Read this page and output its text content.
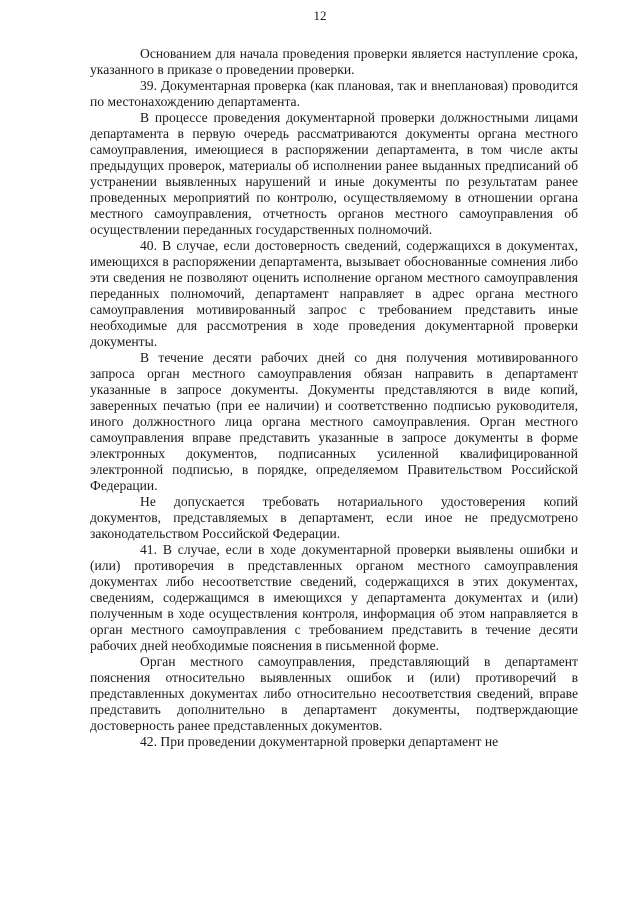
12

Основанием для начала проведения проверки является наступление срока, указанного в приказе о проведении проверки.

39. Документарная проверка (как плановая, так и внеплановая) проводится по местонахождению департамента.

В процессе проведения документарной проверки должностными лицами департамента в первую очередь рассматриваются документы органа местного самоуправления, имеющиеся в распоряжении департамента, в том числе акты предыдущих проверок, материалы об исполнении ранее выданных предписаний об устранении выявленных нарушений и иные документы по результатам ранее проведенных мероприятий по контролю, осуществляемому в отношении органа местного самоуправления, отчетность органов местного самоуправления об осуществлении переданных государственных полномочий.

40. В случае, если достоверность сведений, содержащихся в документах, имеющихся в распоряжении департамента, вызывает обоснованные сомнения либо эти сведения не позволяют оценить исполнение органом местного самоуправления переданных полномочий, департамент направляет в адрес органа местного самоуправления мотивированный запрос с требованием представить иные необходимые для рассмотрения в ходе проведения документарной проверки документы.

В течение десяти рабочих дней со дня получения мотивированного запроса орган местного самоуправления обязан направить в департамент указанные в запросе документы. Документы представляются в виде копий, заверенных печатью (при ее наличии) и соответственно подписью руководителя, иного должностного лица органа местного самоуправления. Орган местного самоуправления вправе представить указанные в запросе документы в форме электронных документов, подписанных усиленной квалифицированной электронной подписью, в порядке, определяемом Правительством Российской Федерации.

Не допускается требовать нотариального удостоверения копий документов, представляемых в департамент, если иное не предусмотрено законодательством Российской Федерации.

41. В случае, если в ходе документарной проверки выявлены ошибки и (или) противоречия в представленных органом местного самоуправления документах либо несоответствие сведений, содержащихся в этих документах, сведениям, содержащимся в имеющихся у департамента документах и (или) полученным в ходе осуществления контроля, информация об этом направляется в орган местного самоуправления с требованием представить в течение десяти рабочих дней необходимые пояснения в письменной форме.

Орган местного самоуправления, представляющий в департамент пояснения относительно выявленных ошибок и (или) противоречий в представленных документах либо относительно несоответствия сведений, вправе представить дополнительно в департамент документы, подтверждающие достоверность ранее представленных документов.

42. При проведении документарной проверки департамент не
